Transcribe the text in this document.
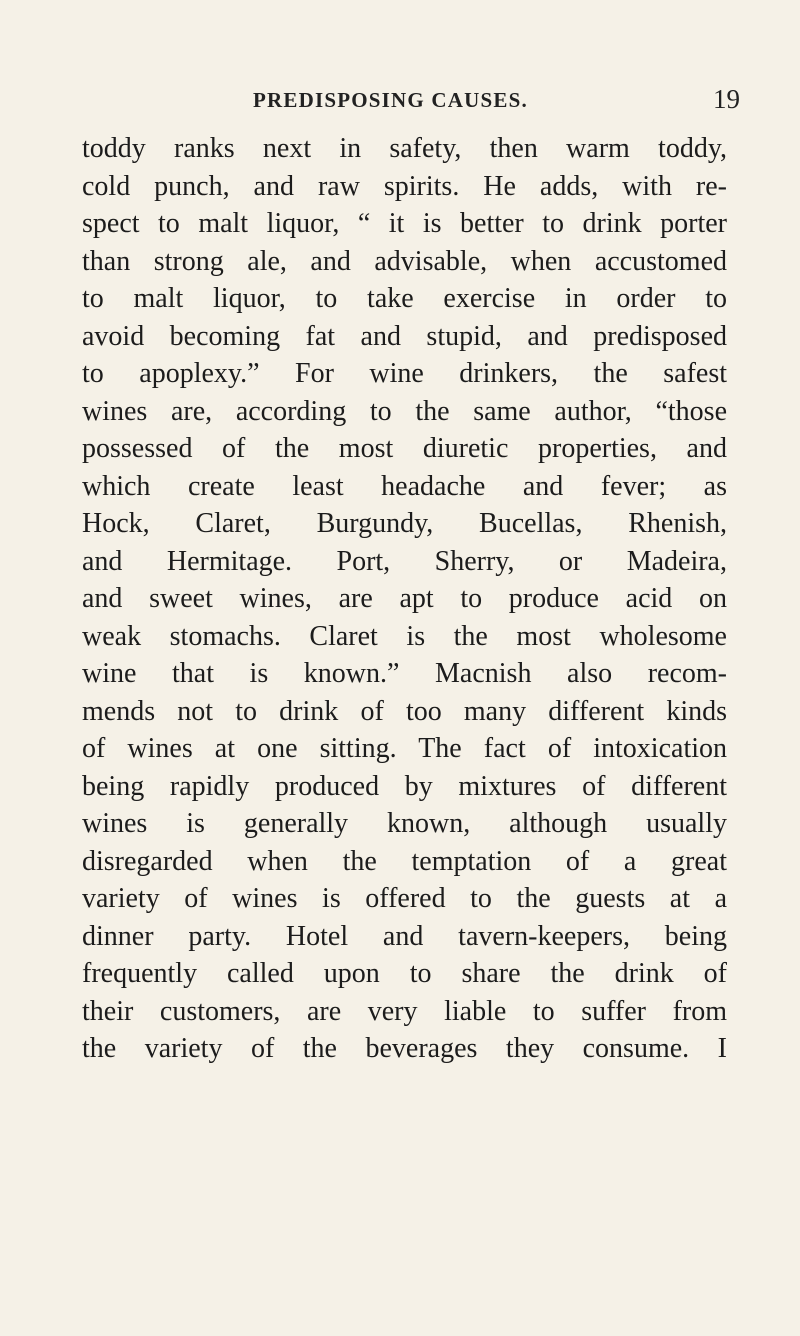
PREDISPOSING CAUSES.	19
toddy ranks next in safety, then warm toddy,
cold punch, and raw spirits. He adds, with re-
spect to malt liquor, “ it is better to drink porter
than strong ale, and advisable, when accustomed
to malt liquor, to take exercise in order to
avoid becoming fat and stupid, and predisposed
to apoplexy.” For wine drinkers, the safest
wines are, according to the same author, “those
possessed of the most diuretic properties, and
which create least headache and fever; as
Hock, Claret, Burgundy, Bucellas, Rhenish,
and Hermitage. Port, Sherry, or Madeira,
and sweet wines, are apt to produce acid on
weak stomachs. Claret is the most wholesome
wine that is known.” Macnish also recom-
mends not to drink of too many different kinds
of wines at one sitting. The fact of intoxication
being rapidly produced by mixtures of different
wines is generally known, although usually
disregarded when the temptation of a great
variety of wines is offered to the guests at a
dinner party. Hotel and tavern-keepers, being
frequently called upon to share the drink of
their customers, are very liable to suffer from
the variety of the beverages they consume. I
